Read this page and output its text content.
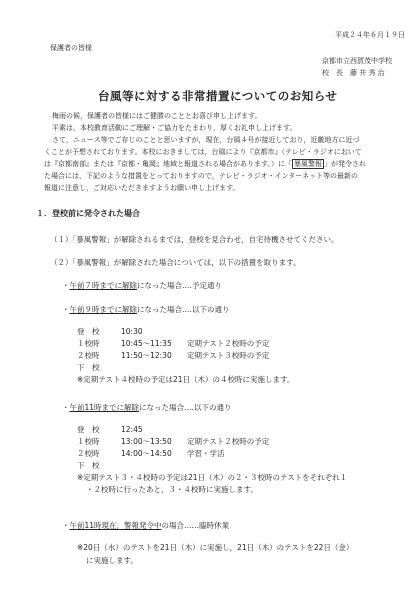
平成２４年６月１９日
保護者の皆様
京都市立西賀茂中学校
校　長　藤 井 秀 治
台風等に対する非常措置についてのお知らせ
梅雨の候，保護者の皆様にはご健勝のこととお喜び申し上げます。
平素は，本校教育活動にご理解・ご協力をたまわり，厚くお礼申し上げます。
さて，ニュース等でご存じのことと思いますが，現在，台風４号が接近しており，近畿地方に近づ
くことが予想されております。本校におきましては，台風により『京都市』（テレビ・ラジオにおいて
は『京都南部』または『京都・亀岡』地域と報道される場合があります。）に「 暴風警報 」が発令され
た場合には，下記のような措置をとっておりますので，テレビ・ラジオ・インターネット等の最新の
報道に注意し，ご対応いただきますようお願い申し上げます。
１．登校前に発令された場合
（１）「暴風警報」が解除されるまでは，登校を見合わせ，自宅待機させてください。
（２）「暴風警報」が解除された場合については，以下の措置を取ります。
・午前７時までに解除になった場合‥‥予定通り
・午前９時までに解除になった場合‥‥以下の通り
登　校	10:30
１校時	10:45～11:35	定期テスト２校時の予定
２校時	11:50～12:30	定期テスト３校時の予定
下　校
※定期テスト４校時の予定は21日（木）の４校時に実施します。
・午前11時までに解除になった場合‥‥以下の通り
登　校	12:45
１校時	13:00～13:50	定期テスト２校時の予定
２校時	14:00～14:50	学習・学活
下　校
※定期テスト３・４校時の予定は21日（木）の２・３校時のテストをそれぞれ１
・２校時に行ったあと，３・４校時に実施します。
・午前11時現在，警報発令中の場合‥‥‥臨時休業
※20日（水）のテストを21日（木）に実施し，21日（木）のテストを22日（金）
に実施します。
